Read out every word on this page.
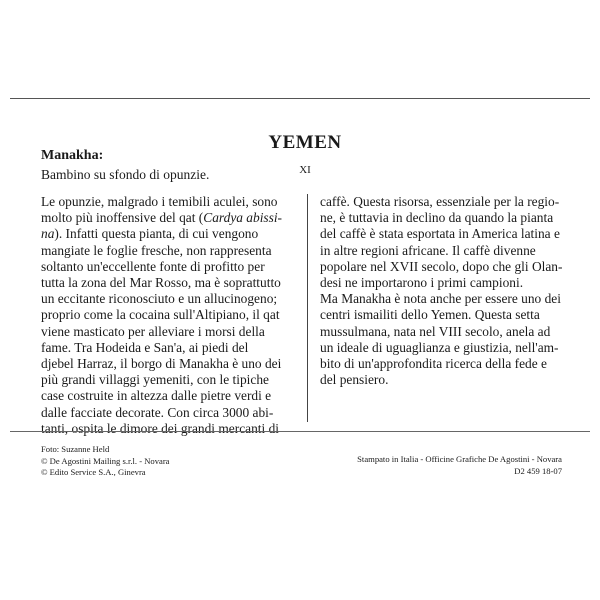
YEMEN
XI
Manakha:
Bambino su sfondo di opunzie.

Le opunzie, malgrado i temibili aculei, sono
molto più inoffensive del qat (Cardya abissi-
na). Infatti questa pianta, di cui vengono
mangiate le foglie fresche, non rappresenta
soltanto un'eccellente fonte di profitto per
tutta la zona del Mar Rosso, ma è soprattutto
un eccitante riconosciuto e un allucinogeno;
proprio come la cocaina sull'Altipiano, il qat
viene masticato per alleviare i morsi della
fame. Tra Hodeida e San'a, ai piedi del
djebel Harraz, il borgo di Manakha è uno dei
più grandi villaggi yemeniti, con le tipiche
case costruite in altezza dalle pietre verdi e
dalle facciate decorate. Con circa 3000 abi-
tanti, ospita le dimore dei grandi mercanti di

caffè. Questa risorsa, essenziale per la regio-
ne, è tuttavia in declino da quando la pianta
del caffè è stata esportata in America latina e
in altre regioni africane. Il caffè divenne
popolare nel XVII secolo, dopo che gli Olan-
desi ne importarono i primi campioni.
Ma Manakha è nota anche per essere uno dei
centri ismailiti dello Yemen. Questa setta
mussulmana, nata nel VIII secolo, anela ad
un ideale di uguaglianza e giustizia, nell'am-
bito di un'approfondita ricerca della fede e
del pensiero.

Foto: Suzanne Held
© De Agostini Mailing s.r.l. - Novara
© Edito Service S.A., Ginevra
Stampato in Italia - Officine Grafiche De Agostini - Novara
D2 459 18-07
